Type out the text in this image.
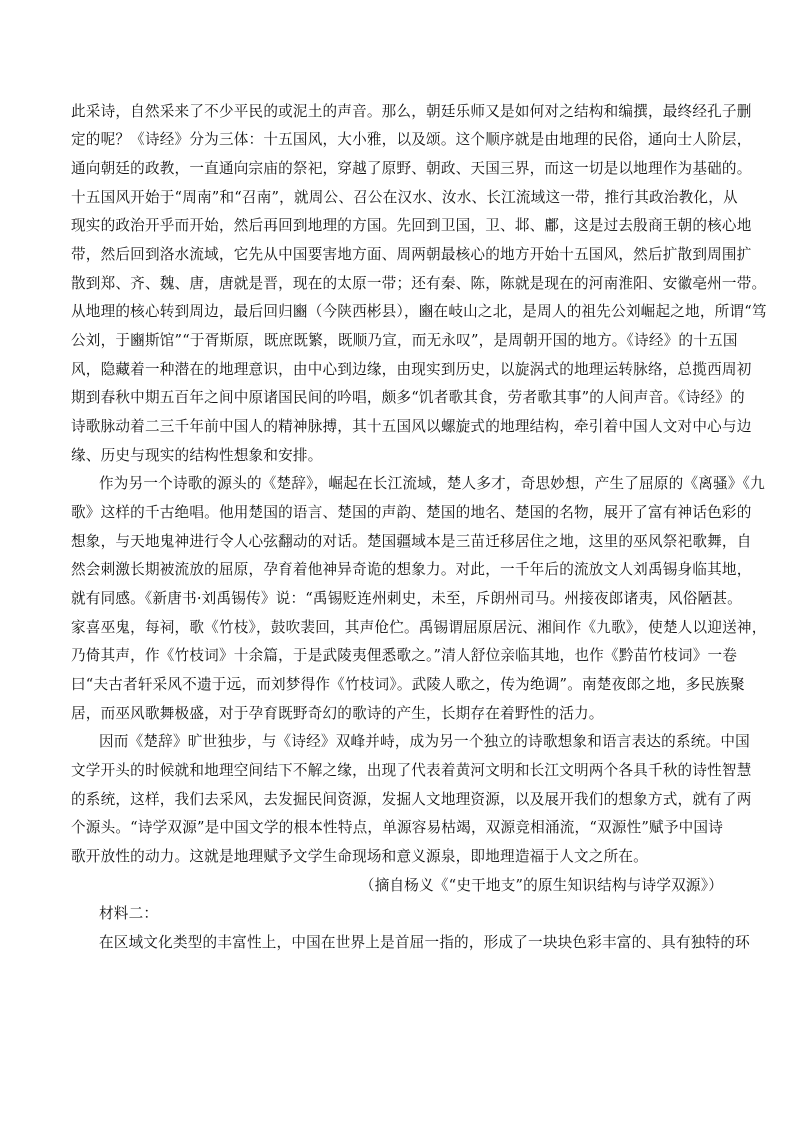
此采诗，自然采来了不少平民的或泥土的声音。那么，朝廷乐师又是如何对之结构和编撰，最终经孔子删
定的呢？《诗经》分为三体：十五国风，大小雅，以及颂。这个顺序就是由地理的民俗，通向士人阶层，
通向朝廷的政教，一直通向宗庙的祭祀，穿越了原野、朝政、天国三界，而这一切是以地理作为基础的。
十五国风开始于“周南”和“召南”，就周公、召公在汉水、汝水、长江流域这一带，推行其政治教化，从
现实的政治开乎而开始，然后再回到地理的方国。先回到卫国，卫、邶、鄘，这是过去殷商王朝的核心地
带，然后回到洛水流域，它先从中国要害地方面、周两朝最核心的地方开始十五国风，然后扩散到周围扩
散到郑、齐、魏、唐，唐就是晋，现在的太原一带；还有秦、陈，陈就是现在的河南淮阳、安徽亳州一带。
从地理的核心转到周边，最后回归豳（今陕西彬县），豳在岐山之北，是周人的祖先公刘崛起之地，所谓“笃
公刘，于豳斯馆”“于胥斯原，既庶既繁，既顺乃宣，而无永叹”，是周朝开国的地方。《诗经》的十五国
风，隐藏着一种潜在的地理意识，由中心到边缘，由现实到历史，以旋涡式的地理运转脉络，总揽西周初
期到春秋中期五百年之间中原诸国民间的吟唱，颇多“饥者歌其食，劳者歌其事”的人间声音。《诗经》的
诗歌脉动着二三千年前中国人的精神脉搏，其十五国风以螺旋式的地理结构，牵引着中国人文对中心与边
缘、历史与现实的结构性想象和安排。
作为另一个诗歌的源头的《楚辞》，崛起在长江流域，楚人多才，奇思妙想，产生了屈原的《离骚》《九
歌》这样的千古绝唱。他用楚国的语言、楚国的声韵、楚国的地名、楚国的名物，展开了富有神话色彩的
想象，与天地鬼神进行令人心弦翻动的对话。楚国疆域本是三苗迁移居住之地，这里的巫风祭祀歌舞，自
然会刺激长期被流放的屈原，孕育着他神异奇诡的想象力。对此，一千年后的流放文人刘禹锡身临其地，
就有同感。《新唐书·刘禹锡传》说：“禹锡贬连州刺史，未至，斥朗州司马。州接夜郎诸夷，风俗陋甚。
家喜巫鬼，每祠，歌《竹枝》，鼓吹裴回，其声伧伫。禹锡谓屈原居沅、湘间作《九歌》，使楚人以迎送神，
乃倚其声，作《竹枝词》十余篇，于是武陵夷俚悉歌之。”清人舒位亲临其地，也作《黔苗竹枝词》一卷
曰“夫古者轩采风不遗于远，而刘梦得作《竹枝词》。武陵人歌之，传为绝调”。南楚夜郎之地，多民族聚
居，而巫风歌舞极盛，对于孕育既野奇幻的歌诗的产生，长期存在着野性的活力。
因而《楚辞》旷世独步，与《诗经》双峰并峙，成为另一个独立的诗歌想象和语言表达的系统。中国
文学开头的时候就和地理空间结下不解之缘，出现了代表着黄河文明和长江文明两个各具千秋的诗性智慧
的系统，这样，我们去采风，去发掘民间资源，发掘人文地理资源，以及展开我们的想象方式，就有了两
个源头。“诗学双源”是中国文学的根本性特点，单源容易枯竭，双源竞相涌流，“双源性”赋予中国诗
歌开放性的动力。这就是地理赋予文学生命现场和意义源泉，即地理造福于人文之所在。
（摘自杨义《“史干地支”的原生知识结构与诗学双源》）
材料二：
在区域文化类型的丰富性上，中国在世界上是首屈一指的，形成了一块块色彩丰富的、具有独特的环
